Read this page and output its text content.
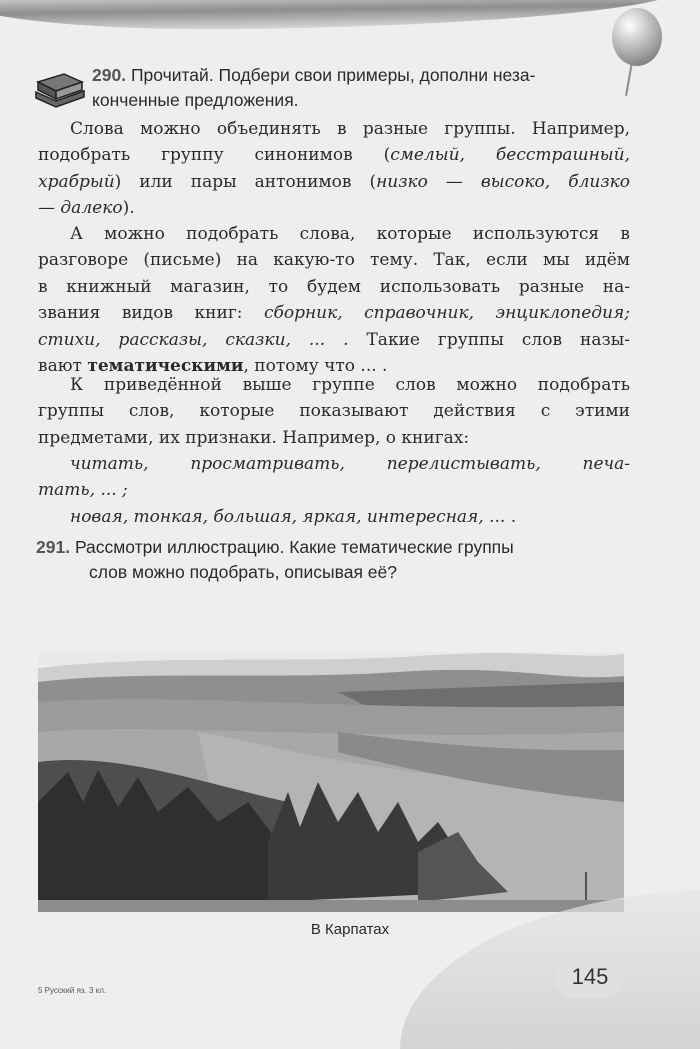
290. Прочитай. Подбери свои примеры, дополни неза-
конченные предложения.
Слова можно объединять в разные группы. Например,
подобрать группу синонимов (смелый, бесстрашный,
храбрый) или пары антонимов (низко — высоко, близко
— далеко).
А можно подобрать слова, которые используются в
разговоре (письме) на какую-то тему. Так, если мы идём
в книжный магазин, то будем использовать разные на-
звания видов книг: сборник, справочник, энциклопедия;
стихи, рассказы, сказки, ... . Такие группы слов назы-
вают тематическими, потому что ... .
К приведённой выше группе слов можно подобрать
группы слов, которые показывают действия с этими
предметами, их признаки. Например, о книгах:
читать, просматривать, перелистывать, печа-
тать, ... ;
новая, тонкая, большая, яркая, интересная, ... .
291. Рассмотри иллюстрацию. Какие тематические группы
слов можно подобрать, описывая её?
В Карпатах
145
5 Русский яз. 3 кл.
